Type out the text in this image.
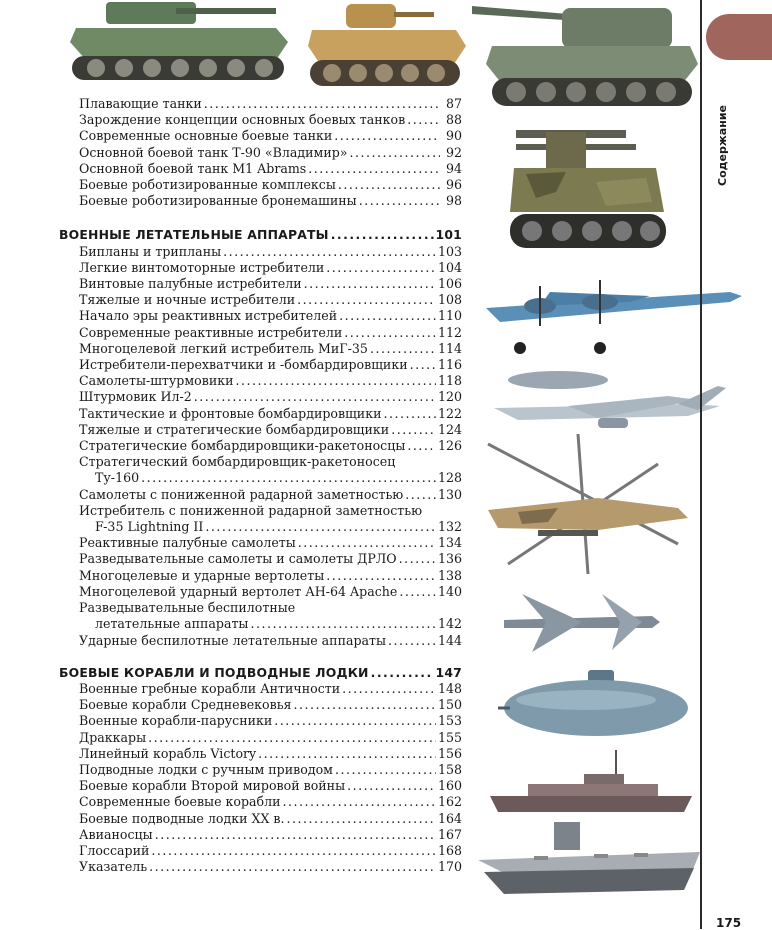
Содержание
175
Плавающие танки .....	87
Зарождение концепции основных боевых танков .....	88
Современные основные боевые танки .....	90
Основной боевой танк Т-90 «Владимир» .....	92
Основной боевой танк M1 Abrams .....	94
Боевые роботизированные комплексы .....	96
Боевые роботизированные бронемашины .....	98
ВОЕННЫЕ ЛЕТАТЕЛЬНЫЕ АППАРАТЫ .....	101
Бипланы и трипланы .....	103
Легкие винтомоторные истребители .....	104
Винтовые палубные истребители .....	106
Тяжелые и ночные истребители .....	108
Начало эры реактивных истребителей .....	110
Современные реактивные истребители .....	112
Многоцелевой легкий истребитель МиГ-35 .....	114
Истребители-перехватчики и -бомбардировщики ..... 116
Самолеты-штурмовики .....	118
Штурмовик Ил-2 .....	120
Тактические и фронтовые бомбардировщики .....	122
Тяжелые и стратегические бомбардировщики .....	124
Стратегические бомбардировщики-ракетоносцы .....	126
Стратегический бомбардировщик-ракетоносец
Ту-160 .....	128
Самолеты с пониженной радарной заметностью .....	130
Истребитель с пониженной радарной заметностью
F-35 Lightning II .....	132
Реактивные палубные самолеты .....	134
Разведывательные самолеты и самолеты ДРЛО .....	136
Многоцелевые и ударные вертолеты .....	138
Многоцелевой ударный вертолет АН-64 Apache .....	140
Разведывательные беспилотные
летательные аппараты .....	142
Ударные беспилотные летательные аппараты .....	144
БОЕВЫЕ КОРАБЛИ И ПОДВОДНЫЕ ЛОДКИ .....	147
Военные гребные корабли Античности .....	148
Боевые корабли Средневековья .....	150
Военные корабли-парусники .....	153
Драккары .....	155
Линейный корабль Victory .....	156
Подводные лодки с ручным приводом .....	158
Боевые корабли Второй мировой войны .....	160
Современные боевые корабли .....	162
Боевые подводные лодки XX в. .....	164
Авианосцы .....	167
Глоссарий .....	168
Указатель .....	170
